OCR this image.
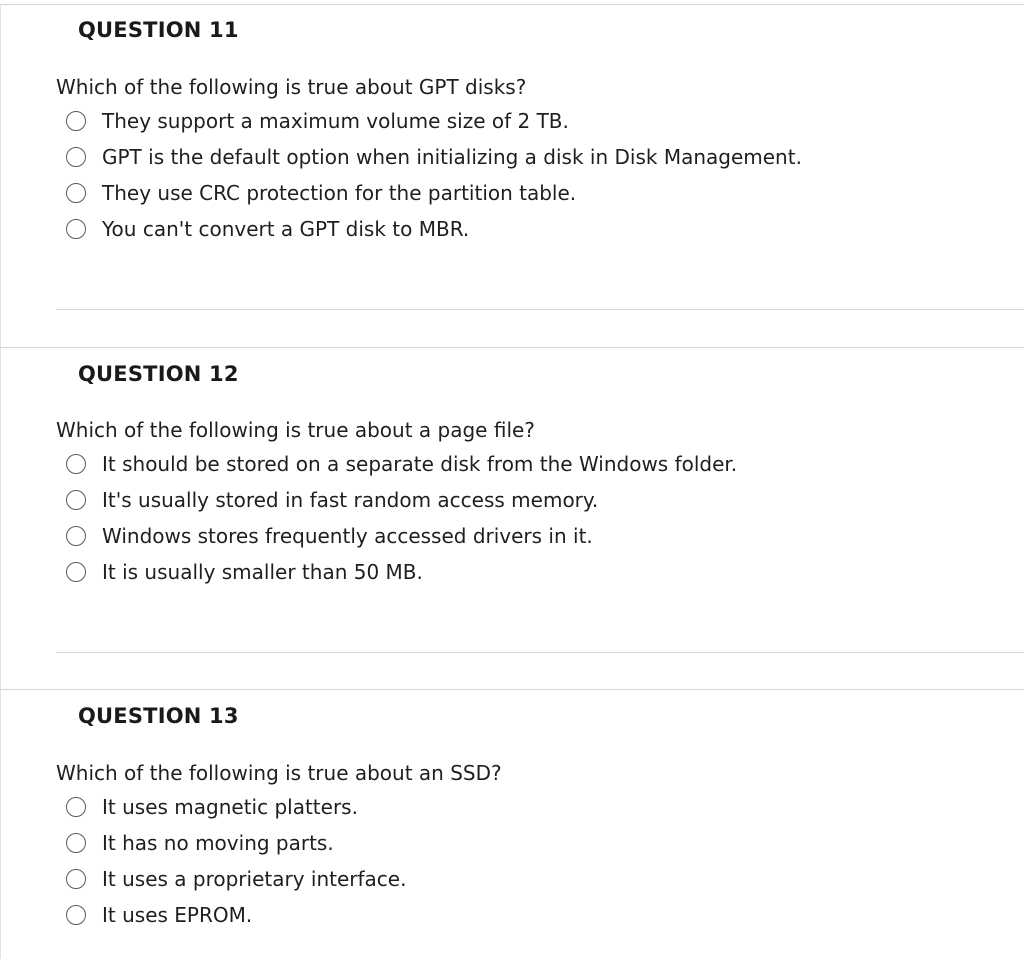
QUESTION 11
Which of the following is true about GPT disks?
They support a maximum volume size of 2 TB.
GPT is the default option when initializing a disk in Disk Management.
They use CRC protection for the partition table.
You can't convert a GPT disk to MBR.
QUESTION 12
Which of the following is true about a page file?
It should be stored on a separate disk from the Windows folder.
It's usually stored in fast random access memory.
Windows stores frequently accessed drivers in it.
It is usually smaller than 50 MB.
QUESTION 13
Which of the following is true about an SSD?
It uses magnetic platters.
It has no moving parts.
It uses a proprietary interface.
It uses EPROM.
